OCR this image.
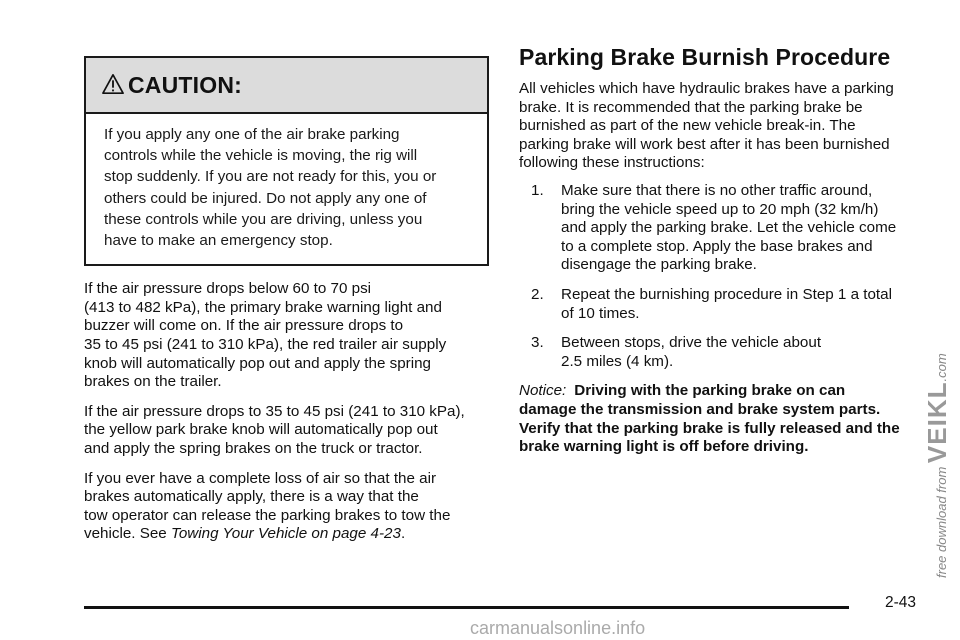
CAUTION:
If you apply any one of the air brake parking
controls while the vehicle is moving, the rig will
stop suddenly. If you are not ready for this, you or
others could be injured. Do not apply any one of
these controls while you are driving, unless you
have to make an emergency stop.
If the air pressure drops below 60 to 70 psi
(413 to 482 kPa), the primary brake warning light and
buzzer will come on. If the air pressure drops to
35 to 45 psi (241 to 310 kPa), the red trailer air supply
knob will automatically pop out and apply the spring
brakes on the trailer.
If the air pressure drops to 35 to 45 psi (241 to 310 kPa),
the yellow park brake knob will automatically pop out
and apply the spring brakes on the truck or tractor.
If you ever have a complete loss of air so that the air
brakes automatically apply, there is a way that the
tow operator can release the parking brakes to tow the
vehicle. See Towing Your Vehicle on page 4-23.
Parking Brake Burnish Procedure
All vehicles which have hydraulic brakes have a parking
brake. It is recommended that the parking brake be
burnished as part of the new vehicle break-in. The
parking brake will work best after it has been burnished
following these instructions:
1. Make sure that there is no other traffic around,
bring the vehicle speed up to 20 mph (32 km/h)
and apply the parking brake. Let the vehicle come
to a complete stop. Apply the base brakes and
disengage the parking brake.
2. Repeat the burnishing procedure in Step 1 a total
of 10 times.
3. Between stops, drive the vehicle about
2.5 miles (4 km).
Notice: Driving with the parking brake on can
damage the transmission and brake system parts.
Verify that the parking brake is fully released and the
brake warning light is off before driving.
2-43
free download from VEIKL.com
carmanualsonline.info
